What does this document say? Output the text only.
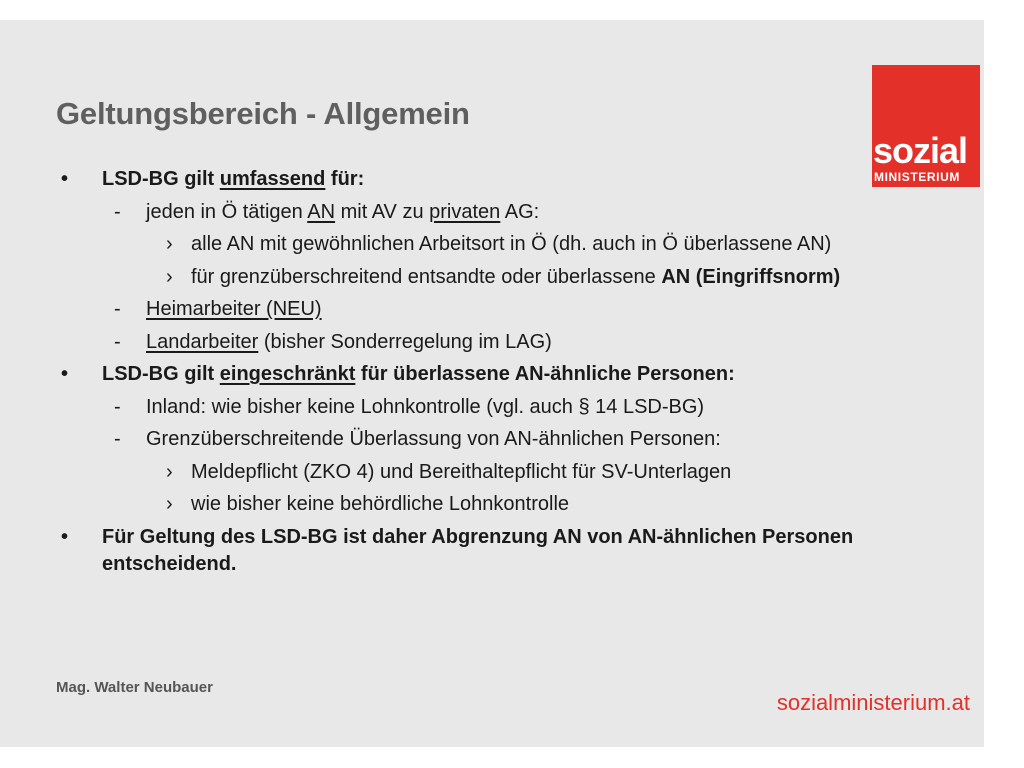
Geltungsbereich - Allgemein
sozial
MINISTERIUM
• LSD-BG gilt umfassend für:
- jeden in Ö tätigen AN mit AV zu privaten AG:
› alle AN mit gewöhnlichen Arbeitsort in Ö (dh. auch in Ö überlassene AN)
› für grenzüberschreitend entsandte oder überlassene AN (Eingriffsnorm)
- Heimarbeiter (NEU)
- Landarbeiter (bisher Sonderregelung im LAG)
• LSD-BG gilt eingeschränkt für überlassene AN-ähnliche Personen:
- Inland: wie bisher keine Lohnkontrolle (vgl. auch § 14 LSD-BG)
- Grenzüberschreitende Überlassung von AN-ähnlichen Personen:
› Meldepflicht (ZKO 4) und Bereithaltepflicht für SV-Unterlagen
› wie bisher keine behördliche Lohnkontrolle
• Für Geltung des LSD-BG ist daher Abgrenzung AN von AN-ähnlichen Personen entscheidend.
Mag. Walter Neubauer
sozialministerium.at
